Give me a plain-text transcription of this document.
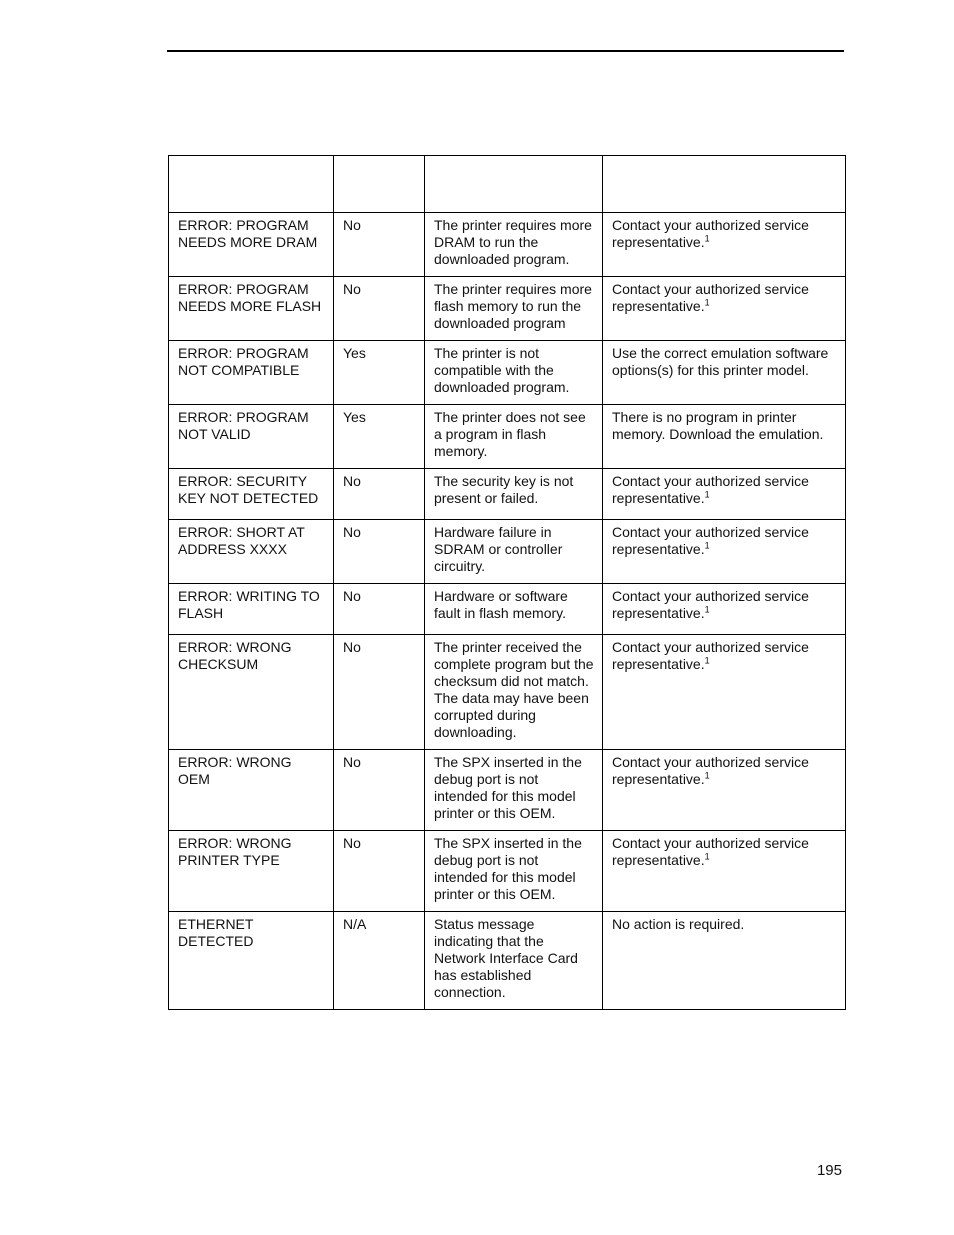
ERROR: PROGRAM NEEDS MORE DRAM	No	The printer requires more DRAM to run the downloaded program.	Contact your authorized service representative.$^1$
ERROR: PROGRAM NEEDS MORE FLASH	No	The printer requires more flash memory to run the downloaded program	Contact your authorized service representative.$^1$
ERROR: PROGRAM NOT COMPATIBLE	Yes	The printer is not compatible with the downloaded program.	Use the correct emulation software options(s) for this printer model.
ERROR: PROGRAM NOT VALID	Yes	The printer does not see a program in flash memory.	There is no program in printer memory. Download the emulation.
ERROR: SECURITY KEY NOT DETECTED	No	The security key is not present or failed.	Contact your authorized service representative.$^1$
ERROR: SHORT AT ADDRESS XXXX	No	Hardware failure in SDRAM or controller circuitry.	Contact your authorized service representative.$^1$
ERROR: WRITING TO FLASH	No	Hardware or software fault in flash memory.	Contact your authorized service representative.$^1$
ERROR: WRONG CHECKSUM	No	The printer received the complete program but the checksum did not match. The data may have been corrupted during downloading.	Contact your authorized service representative.$^1$
ERROR: WRONG OEM	No	The SPX inserted in the debug port is not intended for this model printer or this OEM.	Contact your authorized service representative.$^1$
ERROR: WRONG PRINTER TYPE	No	The SPX inserted in the debug port is not intended for this model printer or this OEM.	Contact your authorized service representative.$^1$
ETHERNET DETECTED	N/A	Status message indicating that the Network Interface Card has established connection.	No action is required.
195
